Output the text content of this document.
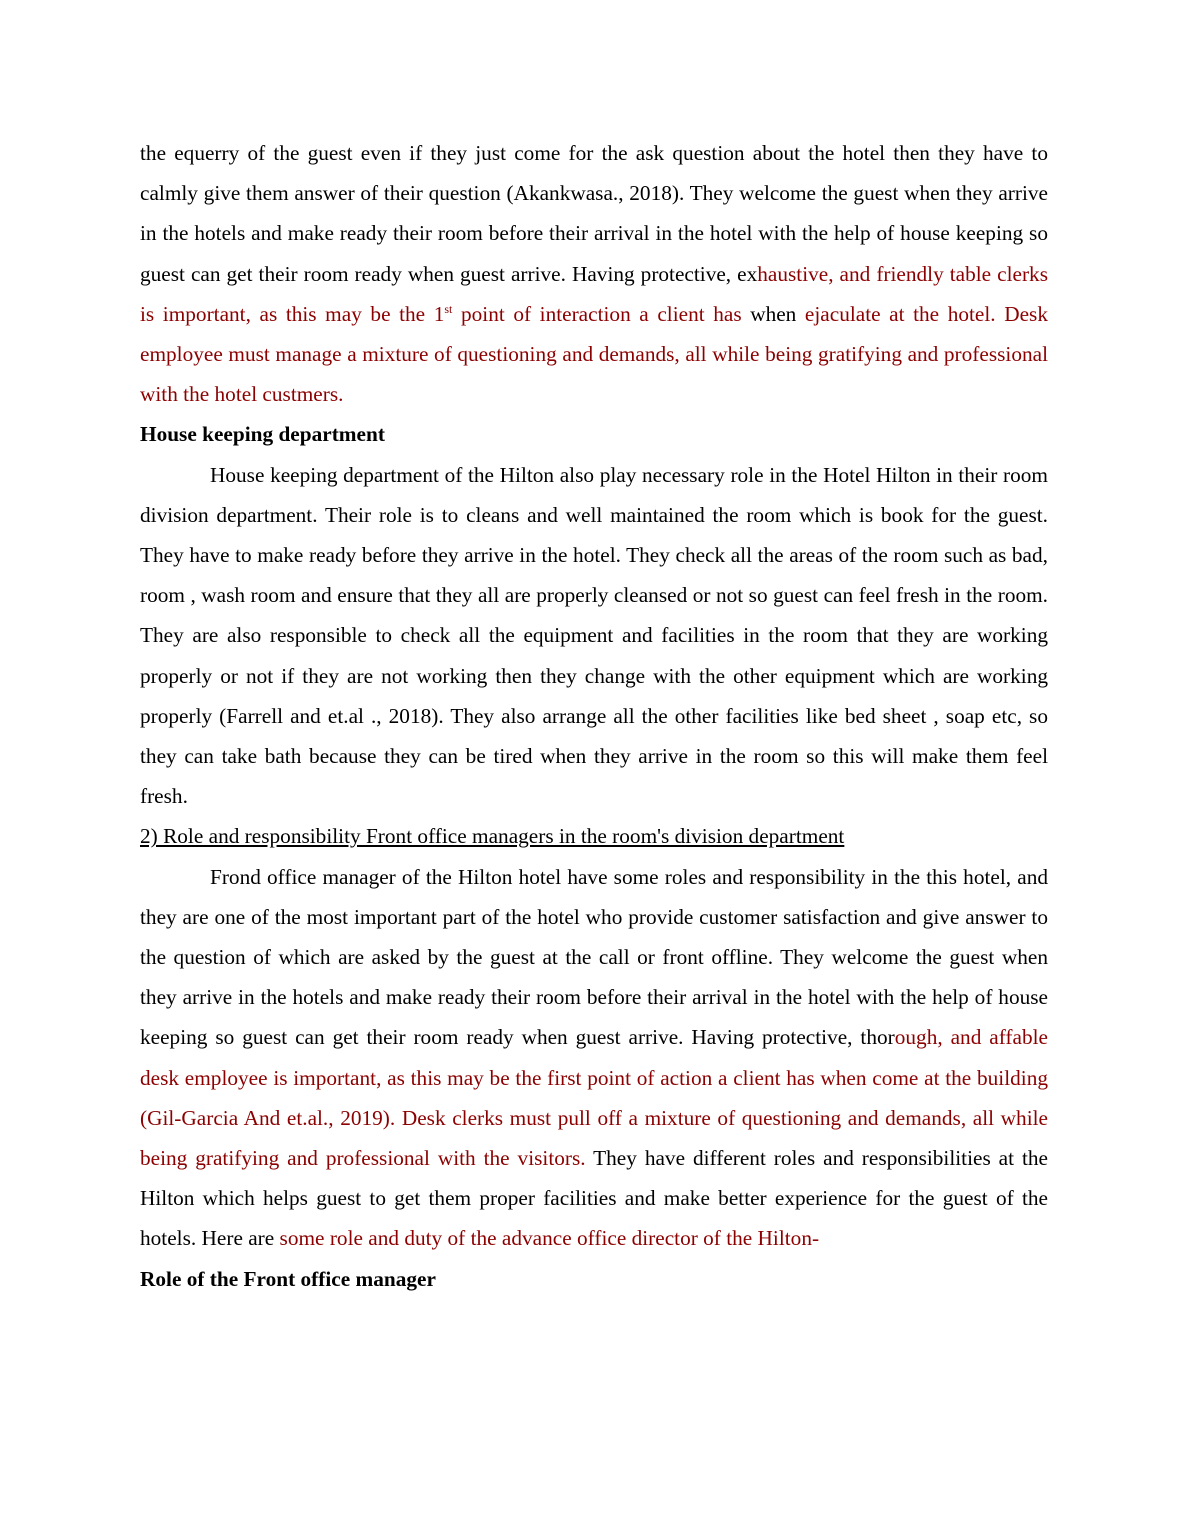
the equerry of the guest even if they just come for the ask question about the hotel then they have to calmly give them answer of their question (Akankwasa., 2018). They welcome the guest when they arrive in the hotels and make ready their room before their arrival in the hotel with the help of house keeping so guest can get their room ready when guest arrive. Having protective, exhaustive, and friendly table clerks is important, as this may be the 1st point of interaction a client has when ejaculate at the hotel. Desk employee must manage a mixture of questioning and demands, all while being gratifying and professional with the hotel custmers.

House keeping department

House keeping department of the Hilton also play necessary role in the Hotel Hilton in their room division department. Their role is to cleans and well maintained the room which is book for the guest. They have to make ready before they arrive in the hotel. They check all the areas of the room such as bad, room , wash room and ensure that they all are properly cleansed or not so guest can feel fresh in the room. They are also responsible to check all the equipment and facilities in the room that they are working properly or not if they are not working then they change with the other equipment which are working properly (Farrell and et.al ., 2018). They also arrange all the other facilities like bed sheet , soap etc, so they can take bath because they can be tired when they arrive in the room so this will make them feel fresh.

2) Role and responsibility Front office managers in the room's division department

Frond office manager of the Hilton hotel have some roles and responsibility in the this hotel, and they are one of the most important part of the hotel who provide customer satisfaction and give answer to the question of which are asked by the guest at the call or front offline. They welcome the guest when they arrive in the hotels and make ready their room before their arrival in the hotel with the help of house keeping so guest can get their room ready when guest arrive. Having protective, thorough, and affable desk employee is important, as this may be the first point of action a client has when come at the building (Gil-Garcia And et.al., 2019). Desk clerks must pull off a mixture of questioning and demands, all while being gratifying and professional with the visitors. They have different roles and responsibilities at the Hilton which helps guest to get them proper facilities and make better experience for the guest of the hotels. Here are some role and duty of the advance office director of the Hilton-

Role of the Front office manager
